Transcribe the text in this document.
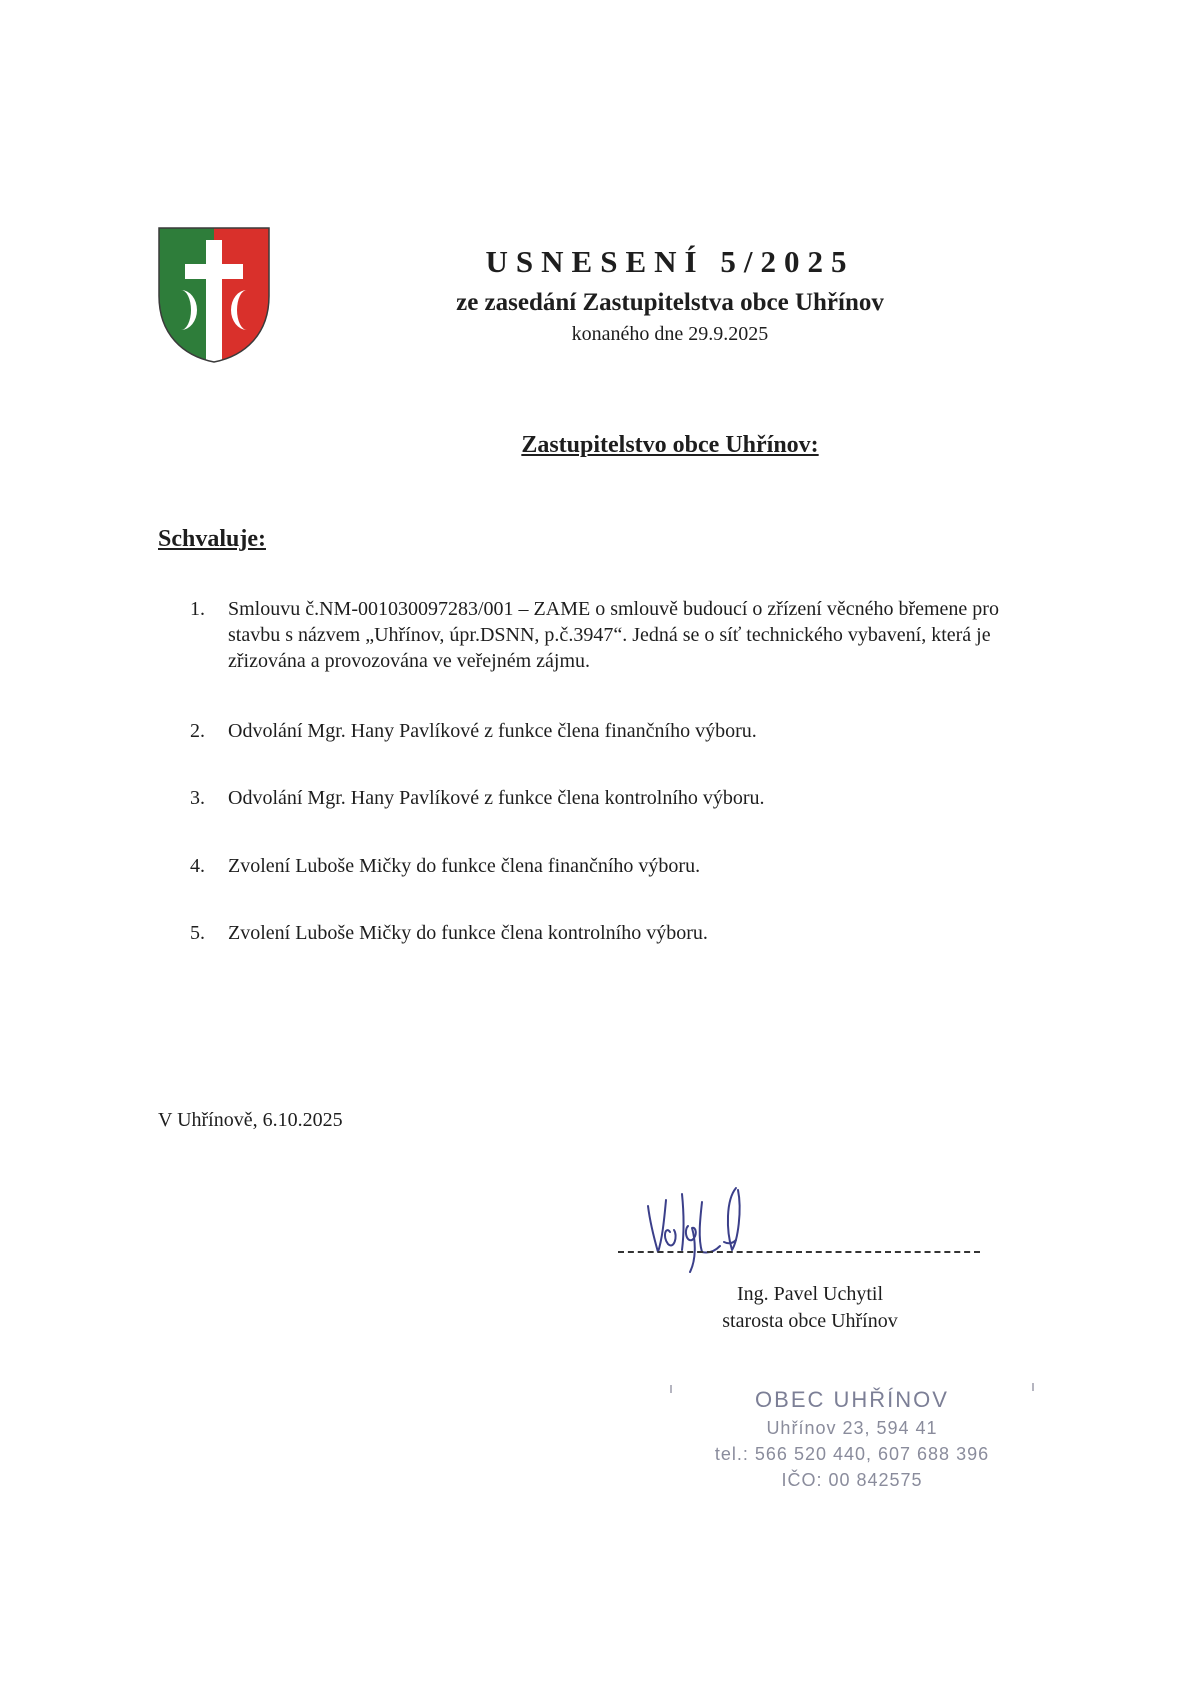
USNESENÍ 5/2025
ze zasedání Zastupitelstva obce Uhřínov
konaného dne 29.9.2025
Zastupitelstvo obce Uhřínov:
Schvaluje:
1.	Smlouvu č.NM-001030097283/001 – ZAME o smlouvě budoucí o zřízení věcného břemene pro stavbu s názvem „Uhřínov, úpr.DSNN, p.č.3947“. Jedná se o síť technického vybavení, která je zřizována a provozována ve veřejném zájmu.
2.	Odvolání Mgr. Hany Pavlíkové z funkce člena finančního výboru.
3.	Odvolání Mgr. Hany Pavlíkové z funkce člena kontrolního výboru.
4.	Zvolení Luboše Mičky do funkce člena finančního výboru.
5.	Zvolení Luboše Mičky do funkce člena kontrolního výboru.
V Uhřínově, 6.10.2025
Ing. Pavel Uchytil
starosta obce Uhřínov
OBEC UHŘÍNOV
Uhřínov 23, 594 41
tel.: 566 520 440, 607 688 396
IČO: 00 842575
